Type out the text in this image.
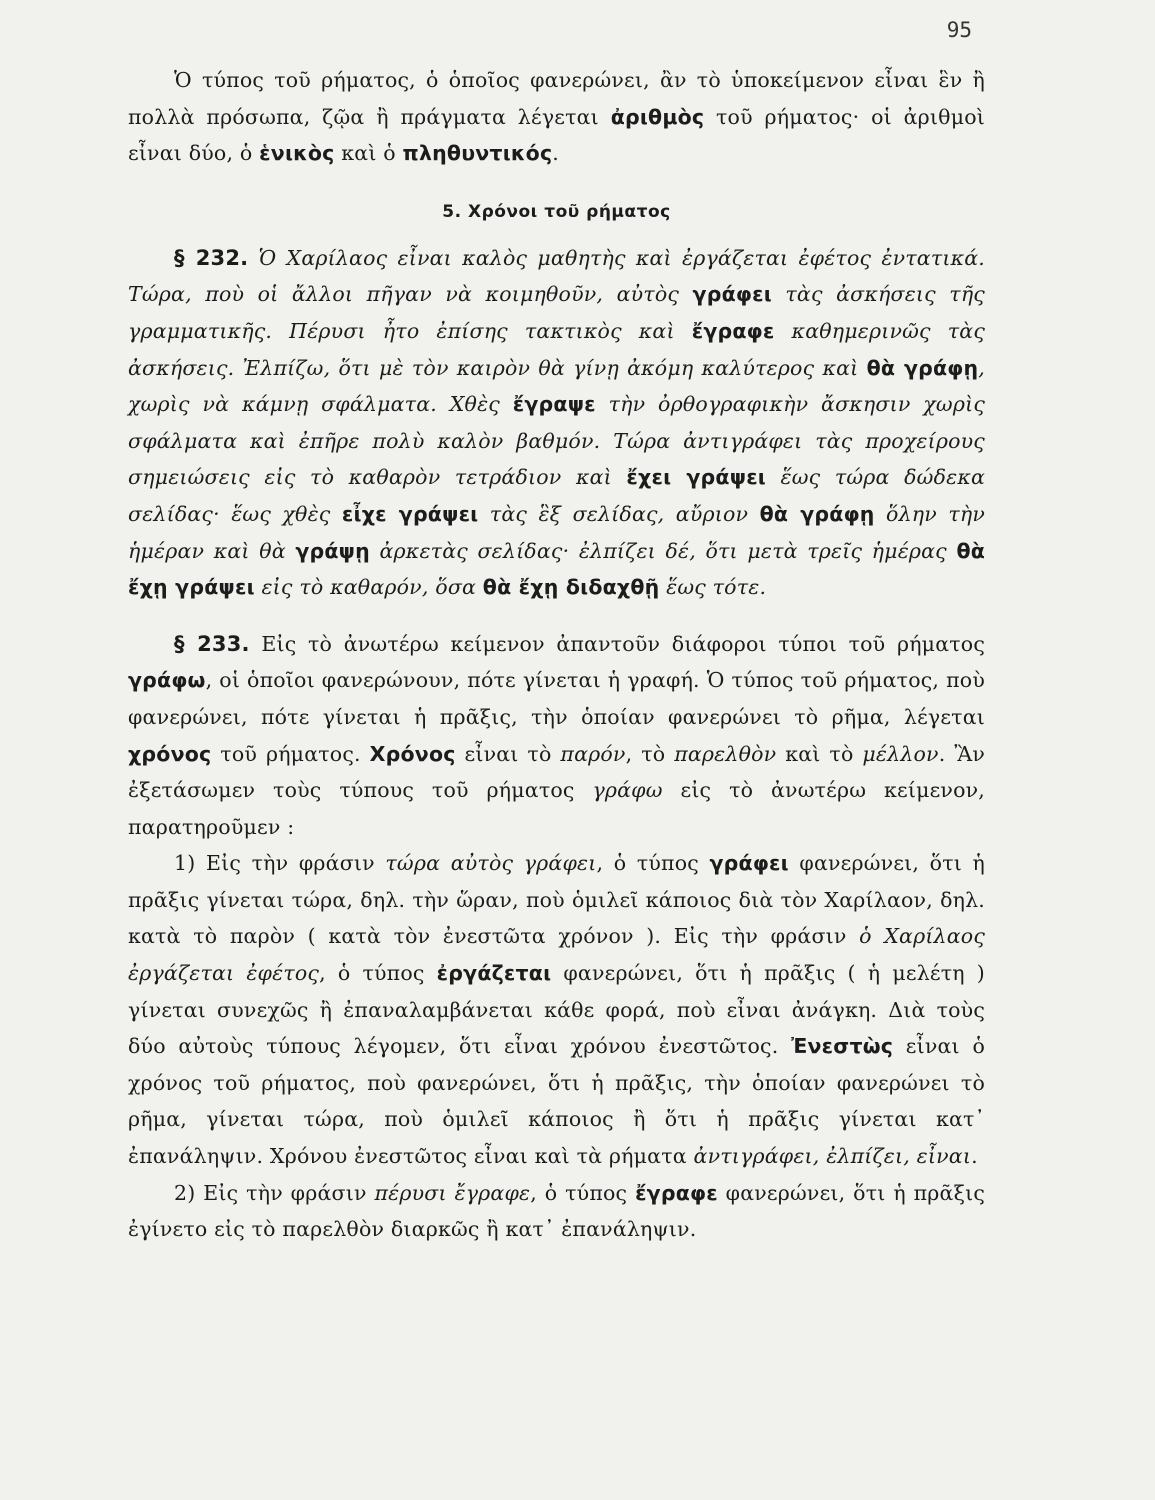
95

Ὁ τύπος τοῦ ρήματος, ὁ ὁποῖος φανερώνει, ἂν τὸ ὑποκείμενον εἶναι ἓν ἢ πολλὰ πρόσωπα, ζῷα ἢ πράγματα λέγεται ἀριθμὸς τοῦ ρήματος· οἱ ἀριθμοὶ εἶναι δύο, ὁ ἑνικὸς καὶ ὁ πληθυντικός.

5. Χρόνοι τοῦ ρήματος

§ 232. Ὁ Χαρίλαος εἶναι καλὸς μαθητὴς καὶ ἐργάζεται ἐφέτος ἐντατικά. Τώρα, ποὺ οἱ ἄλλοι πῆγαν νὰ κοιμηθοῦν, αὐτὸς γράφει τὰς ἀσκήσεις τῆς γραμματικῆς. Πέρυσι ἦτο ἐπίσης τακτικὸς καὶ ἔγραφε καθημερινῶς τὰς ἀσκήσεις. Ἐλπίζω, ὅτι μὲ τὸν καιρὸν θὰ γίνῃ ἀκόμη καλύτερος καὶ θὰ γράφῃ, χωρὶς νὰ κάμνῃ σφάλματα. Χθὲς ἔγραψε τὴν ὀρθογραφικὴν ἄσκησιν χωρὶς σφάλματα καὶ ἐπῆρε πολὺ καλὸν βαθμόν. Τώρα ἀντιγράφει τὰς προχείρους σημειώσεις εἰς τὸ καθαρὸν τετράδιον καὶ ἔχει γράψει ἕως τώρα δώδεκα σελίδας· ἕως χθὲς εἶχε γράψει τὰς ἓξ σελίδας, αὔριον θὰ γράφῃ ὅλην τὴν ἡμέραν καὶ θὰ γράψῃ ἀρκετὰς σελίδας· ἐλπίζει δέ, ὅτι μετὰ τρεῖς ἡμέρας θὰ ἔχῃ γράψει εἰς τὸ καθαρόν, ὅσα θὰ ἔχῃ διδαχθῇ ἕως τότε.

§ 233. Εἰς τὸ ἀνωτέρω κείμενον ἀπαντοῦν διάφοροι τύποι τοῦ ρήματος γράφω, οἱ ὁποῖοι φανερώνουν, πότε γίνεται ἡ γραφή. Ὁ τύπος τοῦ ρήματος, ποὺ φανερώνει, πότε γίνεται ἡ πρᾶξις, τὴν ὁποίαν φανερώνει τὸ ρῆμα, λέγεται χρόνος τοῦ ρήματος. Χρόνος εἶναι τὸ παρόν, τὸ παρελθὸν καὶ τὸ μέλλον. Ἂν ἐξετάσωμεν τοὺς τύπους τοῦ ρήματος γράφω εἰς τὸ ἀνωτέρω κείμενον, παρατηροῦμεν :

1) Εἰς τὴν φράσιν τώρα αὐτὸς γράφει, ὁ τύπος γράφει φανερώνει, ὅτι ἡ πρᾶξις γίνεται τώρα, δηλ. τὴν ὥραν, ποὺ ὁμιλεῖ κάποιος διὰ τὸν Χαρίλαον, δηλ. κατὰ τὸ παρὸν ( κατὰ τὸν ἐνεστῶτα χρόνον ). Εἰς τὴν φράσιν ὁ Χαρίλαος ἐργάζεται ἐφέτος, ὁ τύπος ἐργάζεται φανερώνει, ὅτι ἡ πρᾶξις ( ἡ μελέτη ) γίνεται συνεχῶς ἢ ἐπαναλαμβάνεται κάθε φορά, ποὺ εἶναι ἀνάγκη. Διὰ τοὺς δύο αὐτοὺς τύπους λέγομεν, ὅτι εἶναι χρόνου ἐνεστῶτος. Ἐνεστὼς εἶναι ὁ χρόνος τοῦ ρήματος, ποὺ φανερώνει, ὅτι ἡ πρᾶξις, τὴν ὁποίαν φανερώνει τὸ ρῆμα, γίνεται τώρα, ποὺ ὁμιλεῖ κάποιος ἢ ὅτι ἡ πρᾶξις γίνεται κατ᾿ ἐπανάληψιν. Χρόνου ἐνεστῶτος εἶναι καὶ τὰ ρήματα ἀντιγράφει, ἐλπίζει, εἶναι.

2) Εἰς τὴν φράσιν πέρυσι ἔγραφε, ὁ τύπος ἔγραφε φανερώνει, ὅτι ἡ πρᾶξις ἐγίνετο εἰς τὸ παρελθὸν διαρκῶς ἢ κατ᾿ ἐπανάληψιν.
